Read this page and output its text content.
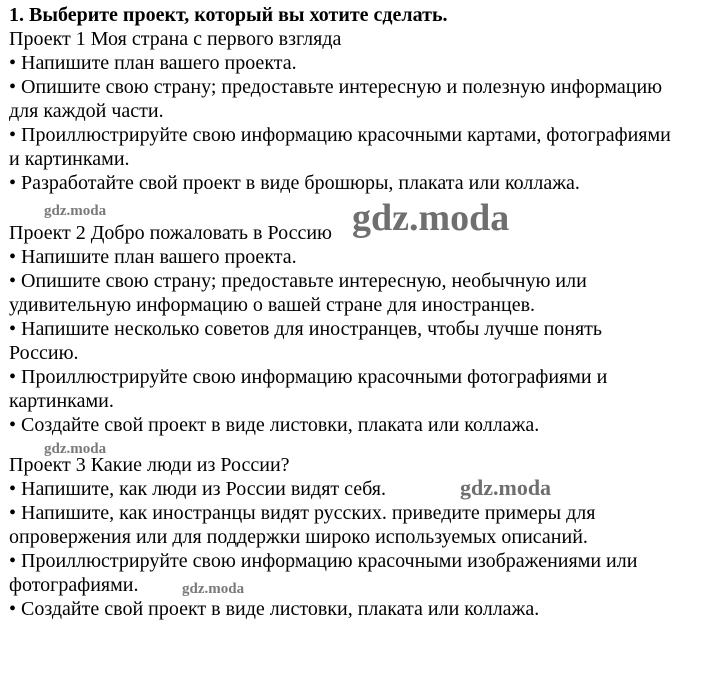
1. Выберите проект, который вы хотите сделать.
Проект 1 Моя страна с первого взгляда
• Напишите план вашего проекта.
• Опишите свою страну; предоставьте интересную и полезную информацию
для каждой части.
• Проиллюстрируйте свою информацию красочными картами, фотографиями
и картинками.
• Разработайте свой проект в виде брошюры, плаката или коллажа.
Проект 2 Добро пожаловать в Россию
• Напишите план вашего проекта.
• Опишите свою страну; предоставьте интересную, необычную или
удивительную информацию о вашей стране для иностранцев.
• Напишите несколько советов для иностранцев, чтобы лучше понять
Россию.
• Проиллюстрируйте свою информацию красочными фотографиями и
картинками.
• Создайте свой проект в виде листовки, плаката или коллажа.
Проект 3 Какие люди из России?
• Напишите, как люди из России видят себя.
• Напишите, как иностранцы видят русских. приведите примеры для
опровержения или для поддержки широко используемых описаний.
• Проиллюстрируйте свою информацию красочными изображениями или
фотографиями.
• Создайте свой проект в виде листовки, плаката или коллажа.
gdz.moda	gdz.moda
gdz.moda
gdz.moda
gdz.moda
